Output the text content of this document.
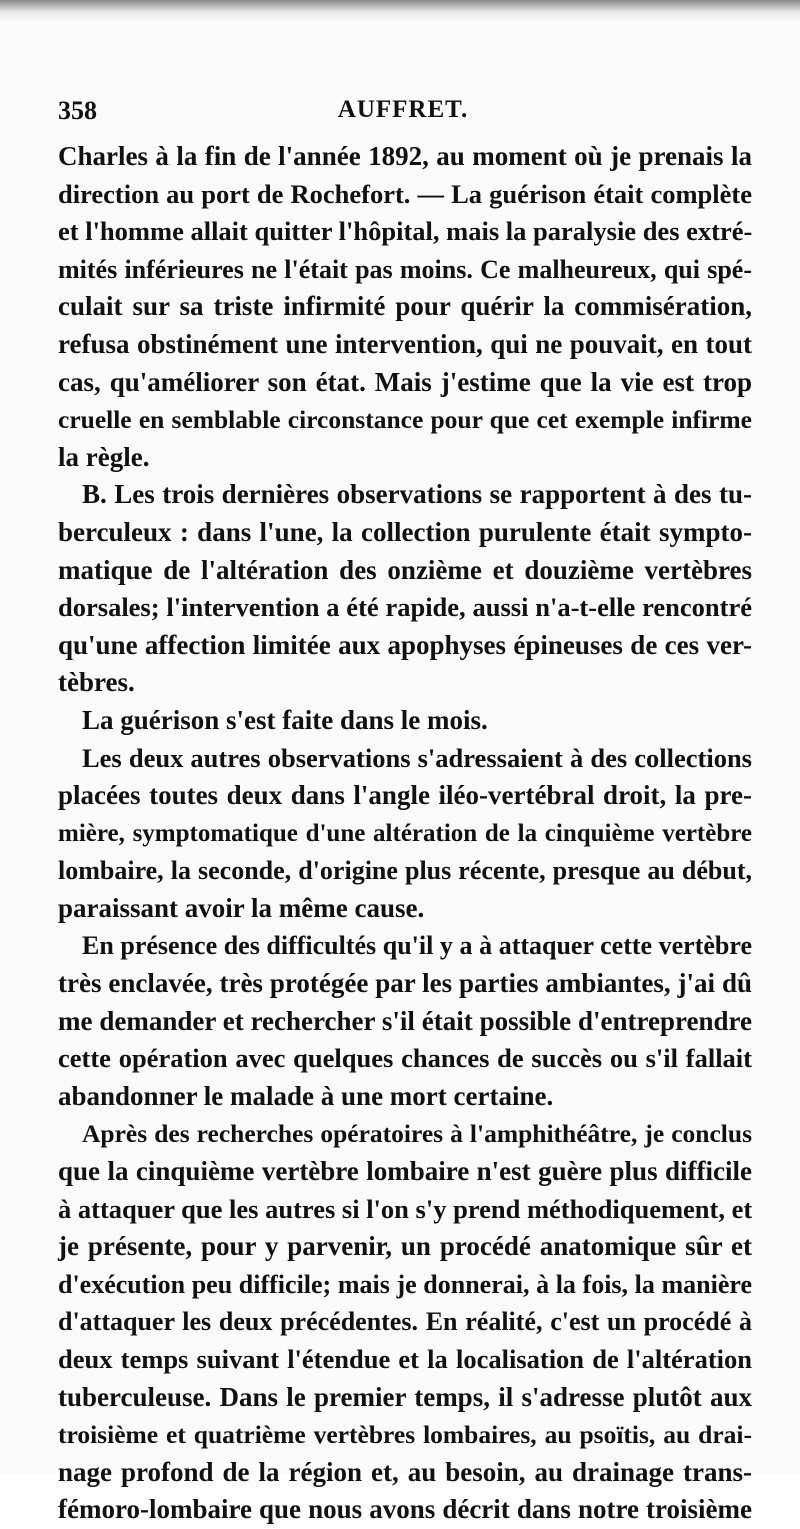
358	AUFFRET.
Charles à la fin de l'année 1892, au moment où je prenais la
direction au port de Rochefort. — La guérison était complète
et l'homme allait quitter l'hôpital, mais la paralysie des extré-
mités inférieures ne l'était pas moins. Ce malheureux, qui spé-
culait sur sa triste infirmité pour quérir la commisération,
refusa obstinément une intervention, qui ne pouvait, en tout
cas, qu'améliorer son état. Mais j'estime que la vie est trop
cruelle en semblable circonstance pour que cet exemple infirme
la règle.
B. Les trois dernières observations se rapportent à des tu-
berculeux : dans l'une, la collection purulente était sympto-
matique de l'altération des onzième et douzième vertèbres
dorsales; l'intervention a été rapide, aussi n'a-t-elle rencontré
qu'une affection limitée aux apophyses épineuses de ces ver-
tèbres.
La guérison s'est faite dans le mois.
Les deux autres observations s'adressaient à des collections
placées toutes deux dans l'angle iléo-vertébral droit, la pre-
mière, symptomatique d'une altération de la cinquième vertèbre
lombaire, la seconde, d'origine plus récente, presque au début,
paraissant avoir la même cause.
En présence des difficultés qu'il y a à attaquer cette vertèbre
très enclavée, très protégée par les parties ambiantes, j'ai dû
me demander et rechercher s'il était possible d'entreprendre
cette opération avec quelques chances de succès ou s'il fallait
abandonner le malade à une mort certaine.
Après des recherches opératoires à l'amphithéâtre, je conclus
que la cinquième vertèbre lombaire n'est guère plus difficile
à attaquer que les autres si l'on s'y prend méthodiquement, et
je présente, pour y parvenir, un procédé anatomique sûr et
d'exécution peu difficile; mais je donnerai, à la fois, la manière
d'attaquer les deux précédentes. En réalité, c'est un procédé à
deux temps suivant l'étendue et la localisation de l'altération
tuberculeuse. Dans le premier temps, il s'adresse plutôt aux
troisième et quatrième vertèbres lombaires, au psoïtis, au drai-
nage profond de la région et, au besoin, au drainage trans-
fémoro-lombaire que nous avons décrit dans notre troisième
